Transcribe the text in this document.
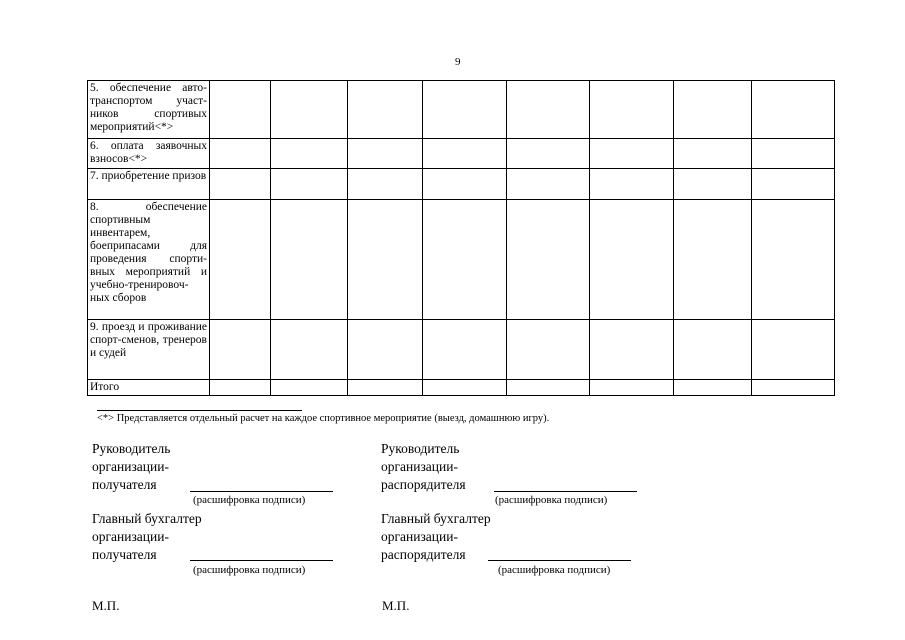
9
5. обеспечение авто-транспортом участ-ников спортивых мероприятий<*>								
6. оплата заявочных взносов<*>								
7. приобретение призов								
8. обеспечение спортивным инвентарем, боеприпасами для проведения спорти-вных мероприятий и учебно-тренировоч-ных сборов								
9. проезд и проживание спорт-сменов, тренеров и судей								
Итого								
<*> Представляется отдельный расчет на каждое спортивное мероприятие (выезд, домашнюю игру).
Руководитель
организации-
получателя
(расшифровка подписи)
Руководитель
организации-
распорядителя
(расшифровка подписи)
Главный бухгалтер
организации-
получателя
(расшифровка подписи)
Главный бухгалтер
организации-
распорядителя
(расшифровка подписи)
М.П.	М.П.
